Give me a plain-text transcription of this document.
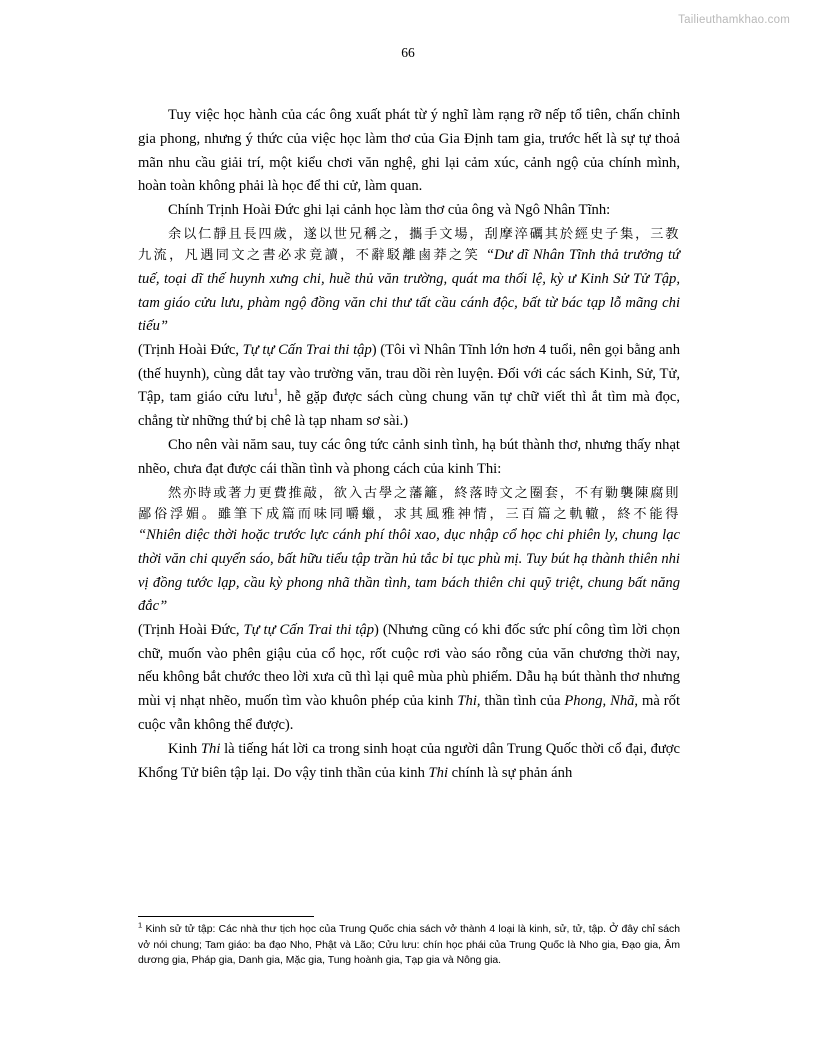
Tailieuthamkhao.com
66

Tuy việc học hành của các ông xuất phát từ ý nghĩ làm rạng rỡ nếp tổ tiên, chấn chỉnh gia phong, nhưng ý thức của việc học làm thơ của Gia Định tam gia, trước hết là sự tự thoả mãn nhu cầu giải trí, một kiểu chơi văn nghệ, ghi lại cảm xúc, cảnh ngộ của chính mình, hoàn toàn không phải là học để thi cử, làm quan.

Chính Trịnh Hoài Đức ghi lại cảnh học làm thơ của ông và Ngô Nhân Tĩnh:

余以仁靜且長四歲，遂以世兄稱之，攜手文場，刮摩淬礪其於經史子集，三教九流，凡遇同文之書必求竟讀，不辭駁離鹵莽之笑 “Dư dĩ Nhân Tĩnh thả trưởng tứ tuế, toại dĩ thế huynh xưng chi, huề thủ văn trường, quát ma thối lệ, kỳ ư Kinh Sử Tử Tập, tam giáo cửu lưu, phàm ngộ đồng văn chi thư tất cầu cánh độc, bất từ bác tạp lỗ mãng chi tiếu”

(Trịnh Hoài Đức, Tự tự Cấn Trai thi tập) (Tôi vì Nhân Tĩnh lớn hơn 4 tuổi, nên gọi bằng anh (thế huynh), cùng dắt tay vào trường văn, trau dồi rèn luyện. Đối với các sách Kinh, Sử, Tử, Tập, tam giáo cửu lưu$^1$, hễ gặp được sách cùng chung văn tự chữ viết thì ắt tìm mà đọc, chẳng từ những thứ bị chê là tạp nham sơ sài.)

Cho nên vài năm sau, tuy các ông tức cảnh sinh tình, hạ bút thành thơ, nhưng thấy nhạt nhẽo, chưa đạt được cái thần tình và phong cách của kinh Thi:

然亦時或著力更費推敲，欲入古學之藩籬，終落時文之圈套，不有勦襲陳腐則鄙俗浮媚。雖筆下成篇而味同嚼蠟，求其風雅神情，三百篇之軌轍，終不能得 “Nhiên diệc thời hoặc trước lực cánh phí thôi xao, dục nhập cổ học chi phiên ly, chung lạc thời văn chi quyển sáo, bất hữu tiểu tập trần hủ tắc bỉ tục phù mị. Tuy bút hạ thành thiên nhi vị đồng tước lạp, cầu kỳ phong nhã thần tình, tam bách thiên chi quỹ triệt, chung bất năng đắc”

(Trịnh Hoài Đức, Tự tự Cấn Trai thi tập) (Nhưng cũng có khi đốc sức phí công tìm lời chọn chữ, muốn vào phên giậu của cổ học, rốt cuộc rơi vào sáo rỗng của văn chương thời nay, nếu không bắt chước theo lời xưa cũ thì lại quê mùa phù phiếm. Dẫu hạ bút thành thơ nhưng mùi vị nhạt nhẽo, muốn tìm vào khuôn phép của kinh Thi, thần tình của Phong, Nhã, mà rốt cuộc vẫn không thể được).

Kinh Thi là tiếng hát lời ca trong sinh hoạt của người dân Trung Quốc thời cổ đại, được Khổng Tử biên tập lại. Do vậy tinh thần của kinh Thi chính là sự phản ánh

$^1$ Kinh sử tử tập: Các nhà thư tịch học của Trung Quốc chia sách vở thành 4 loại là kinh, sử, tử, tập. Ở đây chỉ sách vở nói chung; Tam giáo: ba đạo Nho, Phật và Lão; Cửu lưu: chín học phái của Trung Quốc là Nho gia, Đạo gia, Âm dương gia, Pháp gia, Danh gia, Mặc gia, Tung hoành gia, Tạp gia và Nông gia.
